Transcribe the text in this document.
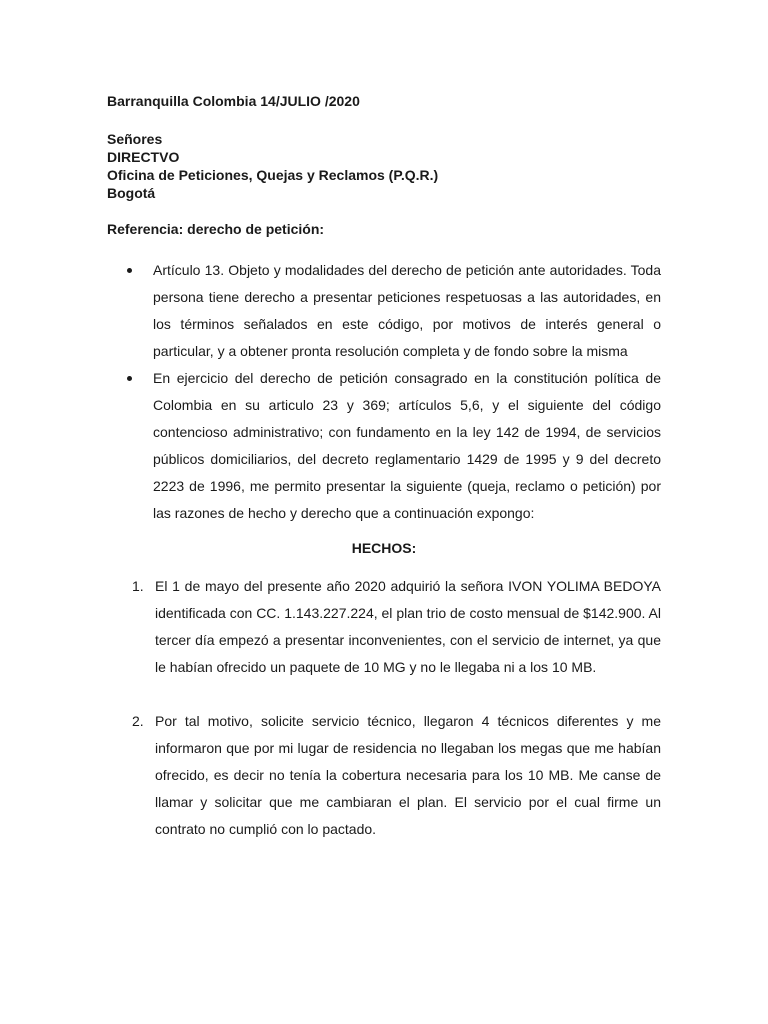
Barranquilla Colombia 14/JULIO /2020

Señores

DIRECTVO

Oficina de Peticiones, Quejas y Reclamos (P.Q.R.)

Bogotá

Referencia: derecho de petición:

Artículo 13. Objeto y modalidades del derecho de petición ante autoridades. Toda persona tiene derecho a presentar peticiones respetuosas a las autoridades, en los términos señalados en este código, por motivos de interés general o particular, y a obtener pronta resolución completa y de fondo sobre la misma
En ejercicio del derecho de petición consagrado en la constitución política de Colombia en su articulo 23 y 369; artículos 5,6, y el siguiente del código contencioso administrativo; con fundamento en la ley 142 de 1994, de servicios públicos domiciliarios, del decreto reglamentario 1429 de 1995 y 9 del decreto 2223 de 1996, me permito presentar la siguiente (queja, reclamo o petición) por las razones de hecho y derecho que a continuación expongo:

HECHOS:

1. El 1 de mayo del presente año 2020 adquirió la señora IVON YOLIMA BEDOYA identificada con CC. 1.143.227.224, el plan trio de costo mensual de $142.900. Al tercer día empezó a presentar inconvenientes, con el servicio de internet, ya que le habían ofrecido un paquete de 10 MG y no le llegaba ni a los 10 MB.
2. Por tal motivo, solicite servicio técnico, llegaron 4 técnicos diferentes y me informaron que por mi lugar de residencia no llegaban los megas que me habían ofrecido, es decir no tenía la cobertura necesaria para los 10 MB. Me canse de llamar y solicitar que me cambiaran el plan. El servicio por el cual firme un contrato no cumplió con lo pactado.
